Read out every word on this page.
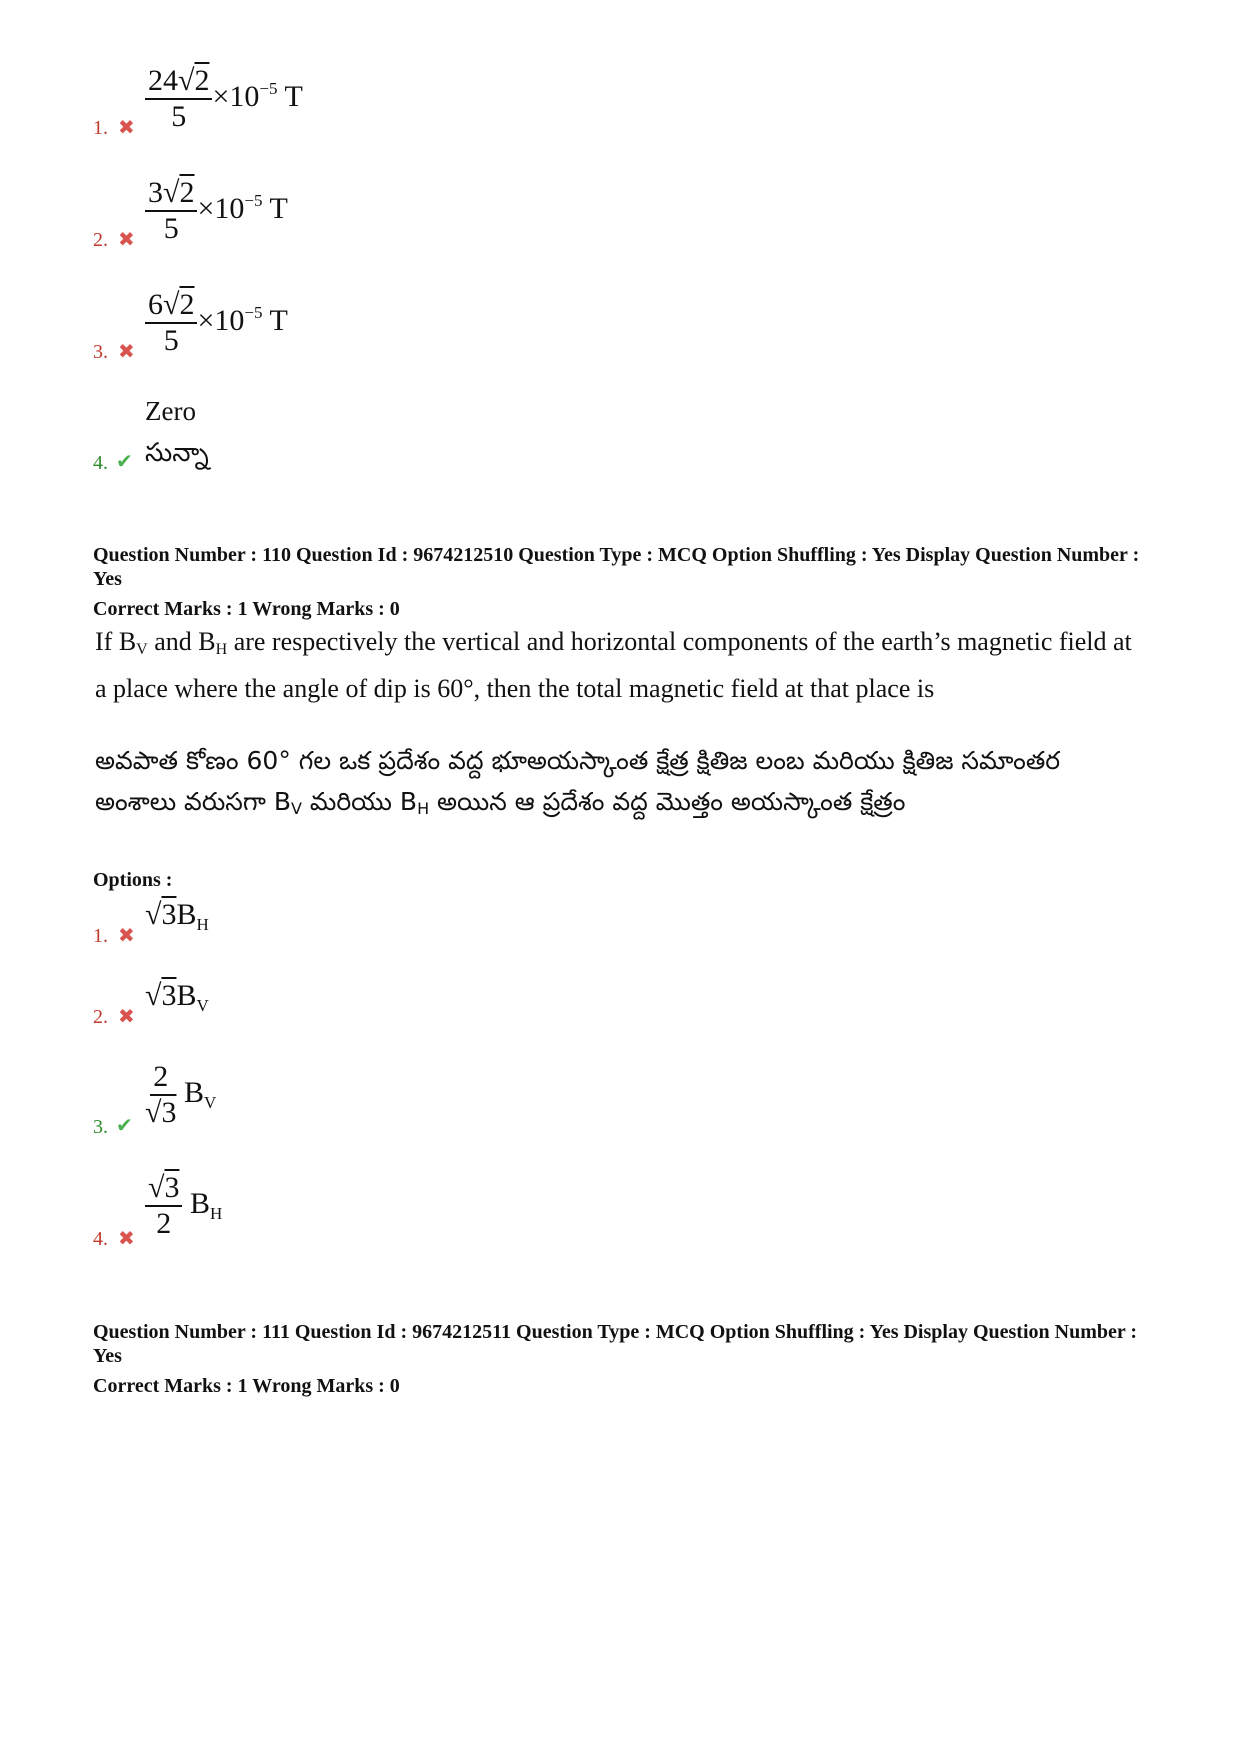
1. ✖ $\frac{24√2}{5} \times 10^{-5}$ T
2. ✖ $\frac{3√2}{5} \times 10^{-5}$ T
3. ✖ $\frac{6√2}{5} \times 10^{-5}$ T
Zero
4. ✔ సున్నా
Question Number : 110 Question Id : 9674212510 Question Type : MCQ Option Shuffling : Yes Display Question Number : Yes
Correct Marks : 1 Wrong Marks : 0
If BV and BH are respectively the vertical and horizontal components of the earth’s magnetic field at a place where the angle of dip is 60°, then the total magnetic field at that place is
అవపాత కోణం 60° గల ఒక ప్రదేశం వద్ద భూఅయస్కాంత క్షేత్ర క్షితిజ లంబ మరియు క్షితిజ సమాంతర అంశాలు వరుసగా BV మరియు BH అయిన ఆ ప్రదేశం వద్ద మొత్తం అయస్కాంత క్షేత్రం
Options :
1. ✖
$√3B_H$
2. ✖
$√3B_V$
3. ✔ $\frac{2}{√3} B_V$
4. ✖ $\frac{√3}{2} B_H$
Question Number : 111 Question Id : 9674212511 Question Type : MCQ Option Shuffling : Yes Display Question Number : Yes
Correct Marks : 1 Wrong Marks : 0
